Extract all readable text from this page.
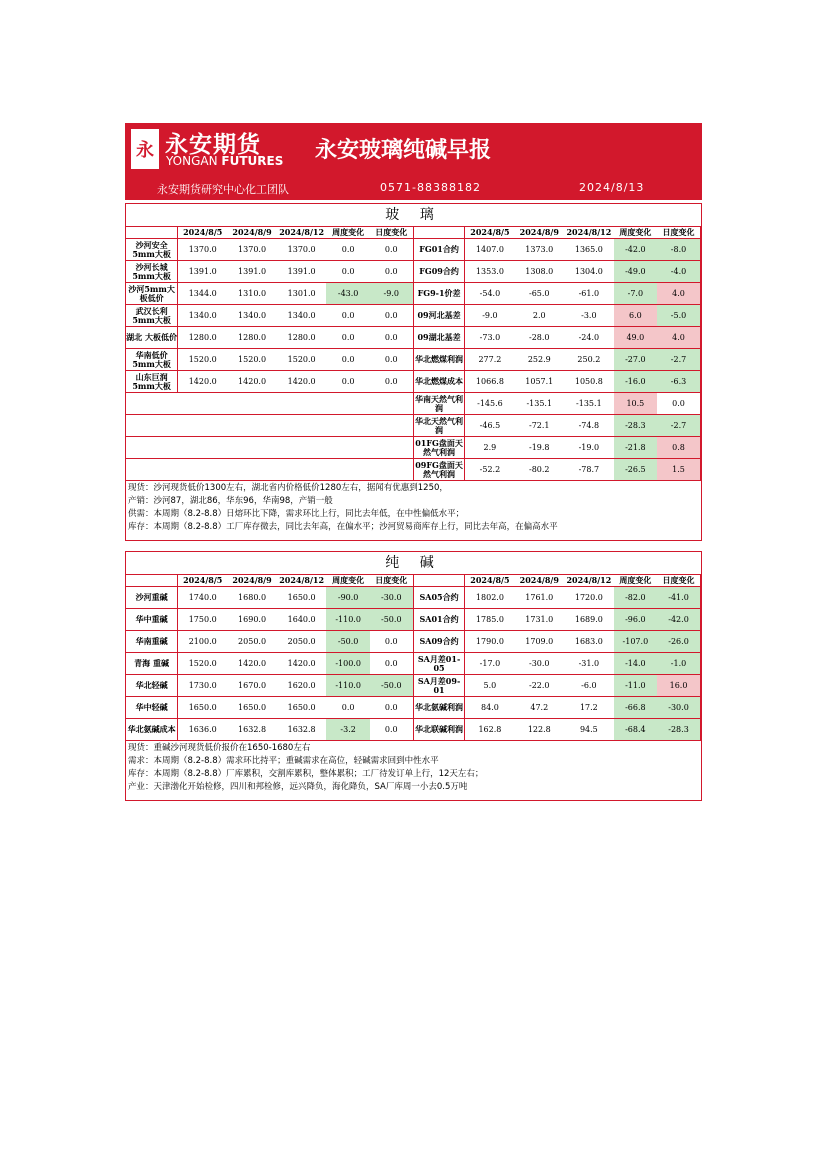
永 永安期货
YONGAN FUTURES 永安玻璃纯碱早报
永安期货研究中心化工团队	0571-88388182	2024/8/13
玻 璃
	2024/8/5	2024/8/9	2024/8/12	周度变化	日度变化		2024/8/5	2024/8/9	2024/8/12	周度变化	日度变化
沙河安全5mm大板	1370.0	1370.0	1370.0	0.0	0.0	FG01合约	1407.0	1373.0	1365.0	-42.0	-8.0
沙河长城5mm大板	1391.0	1391.0	1391.0	0.0	0.0	FG09合约	1353.0	1308.0	1304.0	-49.0	-4.0
沙河5mm大板低价	1344.0	1310.0	1301.0	-43.0	-9.0	FG9-1价差	-54.0	-65.0	-61.0	-7.0	4.0
武汉长利5mm大板	1340.0	1340.0	1340.0	0.0	0.0	09河北基差	-9.0	2.0	-3.0	6.0	-5.0
湖北 大板低价	1280.0	1280.0	1280.0	0.0	0.0	09湖北基差	-73.0	-28.0	-24.0	49.0	4.0
华南低价5mm大板	1520.0	1520.0	1520.0	0.0	0.0	华北燃煤利润	277.2	252.9	250.2	-27.0	-2.7
山东巨润5mm大板	1420.0	1420.0	1420.0	0.0	0.0	华北燃煤成本	1066.8	1057.1	1050.8	-16.0	-6.3
						华南天然气利润	-145.6	-135.1	-135.1	10.5	0.0
						华北天然气利润	-46.5	-72.1	-74.8	-28.3	-2.7
						01FG盘面天然气利润	2.9	-19.8	-19.0	-21.8	0.8
						09FG盘面天然气利润	-52.2	-80.2	-78.7	-26.5	1.5
现货：沙河现货低价1300左右，湖北省内价格低价1280左右，据闻有优惠到1250，
产销：沙河87，湖北86，华东96，华南98，产销一般
供需：本周期（8.2-8.8）日熔环比下降，需求环比上行，同比去年低，在中性偏低水平；
库存：本周期（8.2-8.8）工厂库存微去，同比去年高，在偏水平；沙河贸易商库存上行，同比去年高，在偏高水平
纯 碱
	2024/8/5	2024/8/9	2024/8/12	周度变化	日度变化		2024/8/5	2024/8/9	2024/8/12	周度变化	日度变化
沙河重碱	1740.0	1680.0	1650.0	-90.0	-30.0	SA05合约	1802.0	1761.0	1720.0	-82.0	-41.0
华中重碱	1750.0	1690.0	1640.0	-110.0	-50.0	SA01合约	1785.0	1731.0	1689.0	-96.0	-42.0
华南重碱	2100.0	2050.0	2050.0	-50.0	0.0	SA09合约	1790.0	1709.0	1683.0	-107.0	-26.0
青海 重碱	1520.0	1420.0	1420.0	-100.0	0.0	SA月差01-05	-17.0	-30.0	-31.0	-14.0	-1.0
华北轻碱	1730.0	1670.0	1620.0	-110.0	-50.0	SA月差09-01	5.0	-22.0	-6.0	-11.0	16.0
华中轻碱	1650.0	1650.0	1650.0	0.0	0.0	华北氨碱利润	84.0	47.2	17.2	-66.8	-30.0
华北氨碱成本	1636.0	1632.8	1632.8	-3.2	0.0	华北联碱利润	162.8	122.8	94.5	-68.4	-28.3
现货：重碱沙河现货低价报价在1650-1680左右
需求：本周期（8.2-8.8）需求环比持平；重碱需求在高位，轻碱需求回到中性水平
库存：本周期（8.2-8.8）厂库累积，交割库累积，整体累积；工厂待发订单上行，12天左右；
产业：天津渤化开始检修，四川和邦检修，远兴降负，海化降负，SA厂库周一小去0.5万吨
